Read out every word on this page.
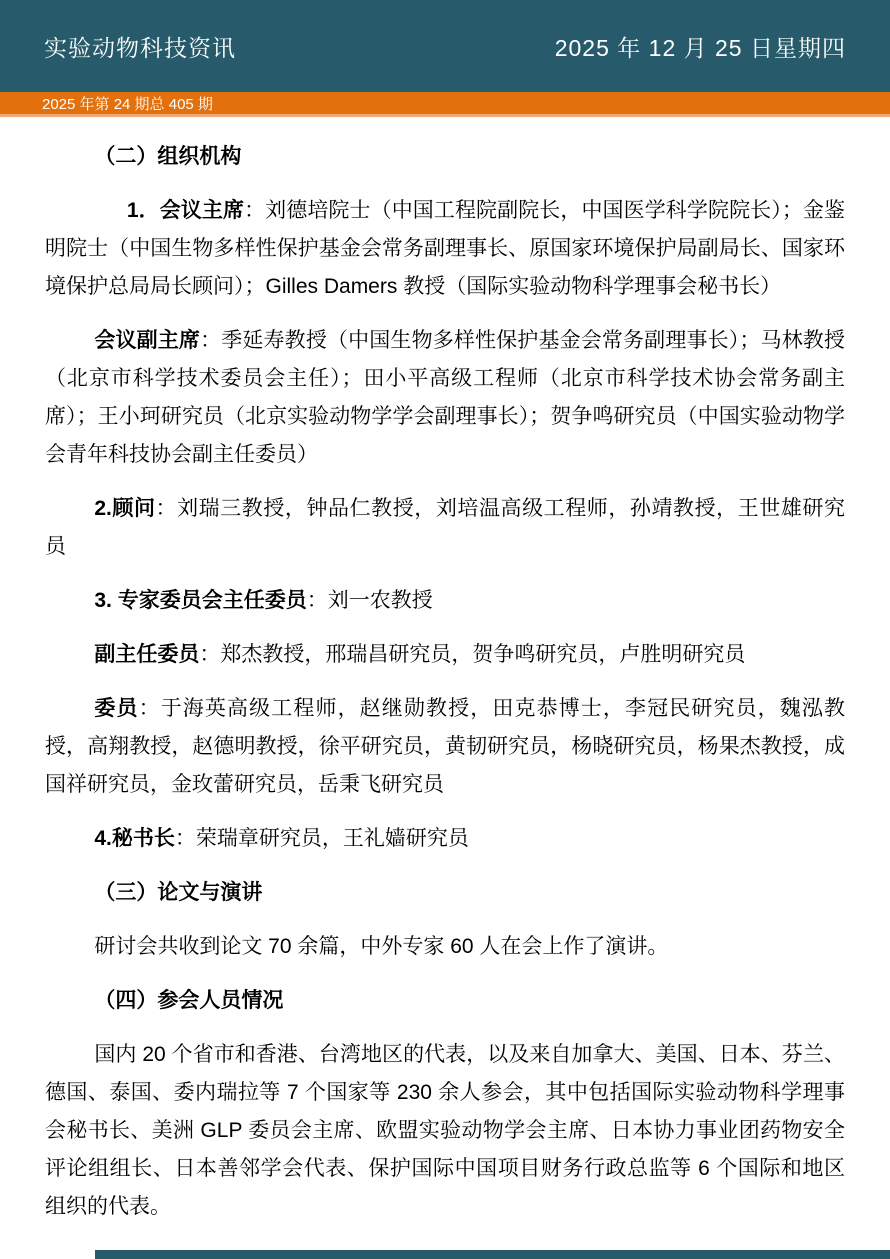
实验动物科技资讯	2025 年 12 月 25 日星期四
2025 年第 24 期总 405 期
（二）组织机构

1．会议主席：刘德培院士（中国工程院副院长，中国医学科学院院长）；金鉴明院士（中国生物多样性保护基金会常务副理事长、原国家环境保护局副局长、国家环境保护总局局长顾问）；Gilles Damers 教授（国际实验动物科学理事会秘书长）

会议副主席：季延寿教授（中国生物多样性保护基金会常务副理事长）；马林教授（北京市科学技术委员会主任）；田小平高级工程师（北京市科学技术协会常务副主席）；王小珂研究员（北京实验动物学学会副理事长）；贺争鸣研究员（中国实验动物学会青年科技协会副主任委员）

2.顾问：刘瑞三教授，钟品仁教授，刘培温高级工程师，孙靖教授，王世雄研究员

3. 专家委员会主任委员：刘一农教授

副主任委员：郑杰教授，邢瑞昌研究员，贺争鸣研究员，卢胜明研究员

委员：于海英高级工程师，赵继勋教授，田克恭博士，李冠民研究员，魏泓教授，高翔教授，赵德明教授，徐平研究员，黄韧研究员，杨晓研究员，杨果杰教授，成国祥研究员，金玫蕾研究员，岳秉飞研究员

4.秘书长：荣瑞章研究员，王礼嫱研究员

（三）论文与演讲

研讨会共收到论文 70 余篇，中外专家 60 人在会上作了演讲。

（四）参会人员情况

国内 20 个省市和香港、台湾地区的代表，以及来自加拿大、美国、日本、芬兰、德国、泰国、委内瑞拉等 7 个国家等 230 余人参会，其中包括国际实验动物科学理事会秘书长、美洲 GLP 委员会主席、欧盟实验动物学会主席、日本协力事业团药物安全评论组组长、日本善邻学会代表、保护国际中国项目财务行政总监等 6 个国际和地区组织的代表。
